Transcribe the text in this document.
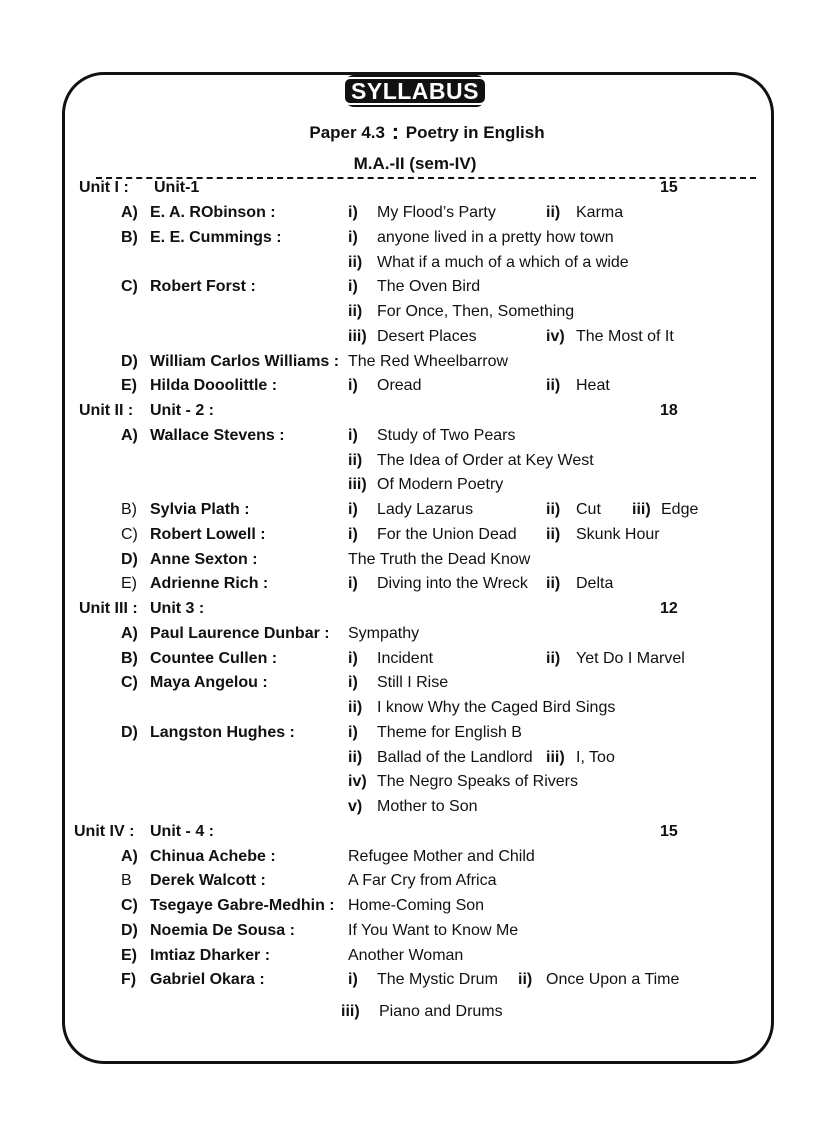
SYLLABUS
Paper 4.3 : Poetry in English
M.A.-II (sem-IV)
Unit I : Unit-1	15
A) E. A. RObinson :	i) My Flood’s Party	ii) Karma
B) E. E. Cummings :	i) anyone lived in a pretty how town
ii) What if a much of a which of a wide
C) Robert Forst :	i) The Oven Bird
ii) For Once, Then, Something
iii) Desert Places	iv) The Most of It
D) William Carlos Williams : The Red Wheelbarrow
E) Hilda Dooolittle :	i) Oread	ii) Heat
Unit II : Unit - 2 :	18
A) Wallace Stevens :	i) Study of Two Pears
ii) The Idea of Order at Key West
iii) Of Modern Poetry
B) Sylvia Plath :	i) Lady Lazarus	ii) Cut iii) Edge
C) Robert Lowell :	i) For the Union Dead ii) Skunk Hour
D) Anne Sexton :	The Truth the Dead Know
E) Adrienne Rich :	i) Diving into the Wreck ii) Delta
Unit III : Unit 3 :	12
A) Paul Laurence Dunbar : Sympathy
B) Countee Cullen :	i) Incident	ii) Yet Do I Marvel
C) Maya Angelou :	i) Still I Rise
ii) I know Why the Caged Bird Sings
D) Langston Hughes :	i) Theme for English B
ii) Ballad of the Landlord iii) I, Too
iv) The Negro Speaks of Rivers
v) Mother to Son
Unit IV : Unit - 4 :	15
A) Chinua Achebe :	Refugee Mother and Child
B Derek Walcott :	A Far Cry from Africa
C) Tsegaye Gabre-Medhin : Home-Coming Son
D) Noemia De Sousa :	If You Want to Know Me
E) Imtiaz Dharker :	Another Woman
F) Gabriel Okara :	i) The Mystic Drum ii) Once Upon a Time
iii) Piano and Drums
